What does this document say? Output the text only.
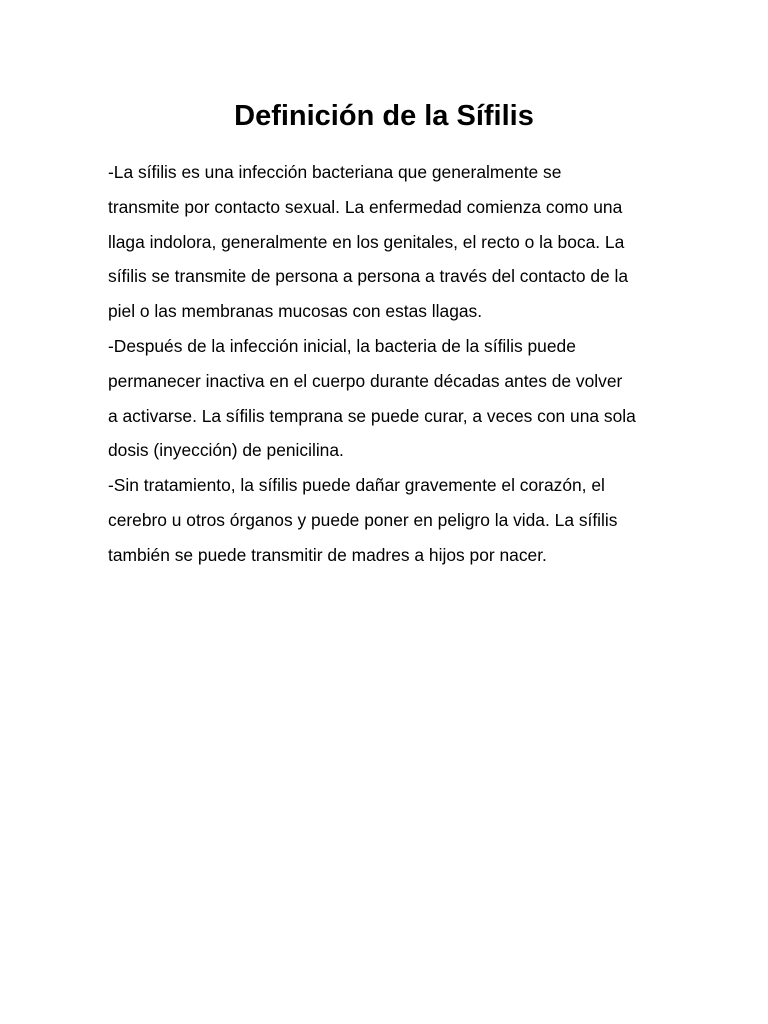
Definición de la Sífilis

-La sífilis es una infección bacteriana que generalmente se

transmite por contacto sexual. La enfermedad comienza como una

llaga indolora, generalmente en los genitales, el recto o la boca. La

sífilis se transmite de persona a persona a través del contacto de la

piel o las membranas mucosas con estas llagas.

-Después de la infección inicial, la bacteria de la sífilis puede

permanecer inactiva en el cuerpo durante décadas antes de volver

a activarse. La sífilis temprana se puede curar, a veces con una sola

dosis (inyección) de penicilina.

-Sin tratamiento, la sífilis puede dañar gravemente el corazón, el

cerebro u otros órganos y puede poner en peligro la vida. La sífilis

también se puede transmitir de madres a hijos por nacer.
